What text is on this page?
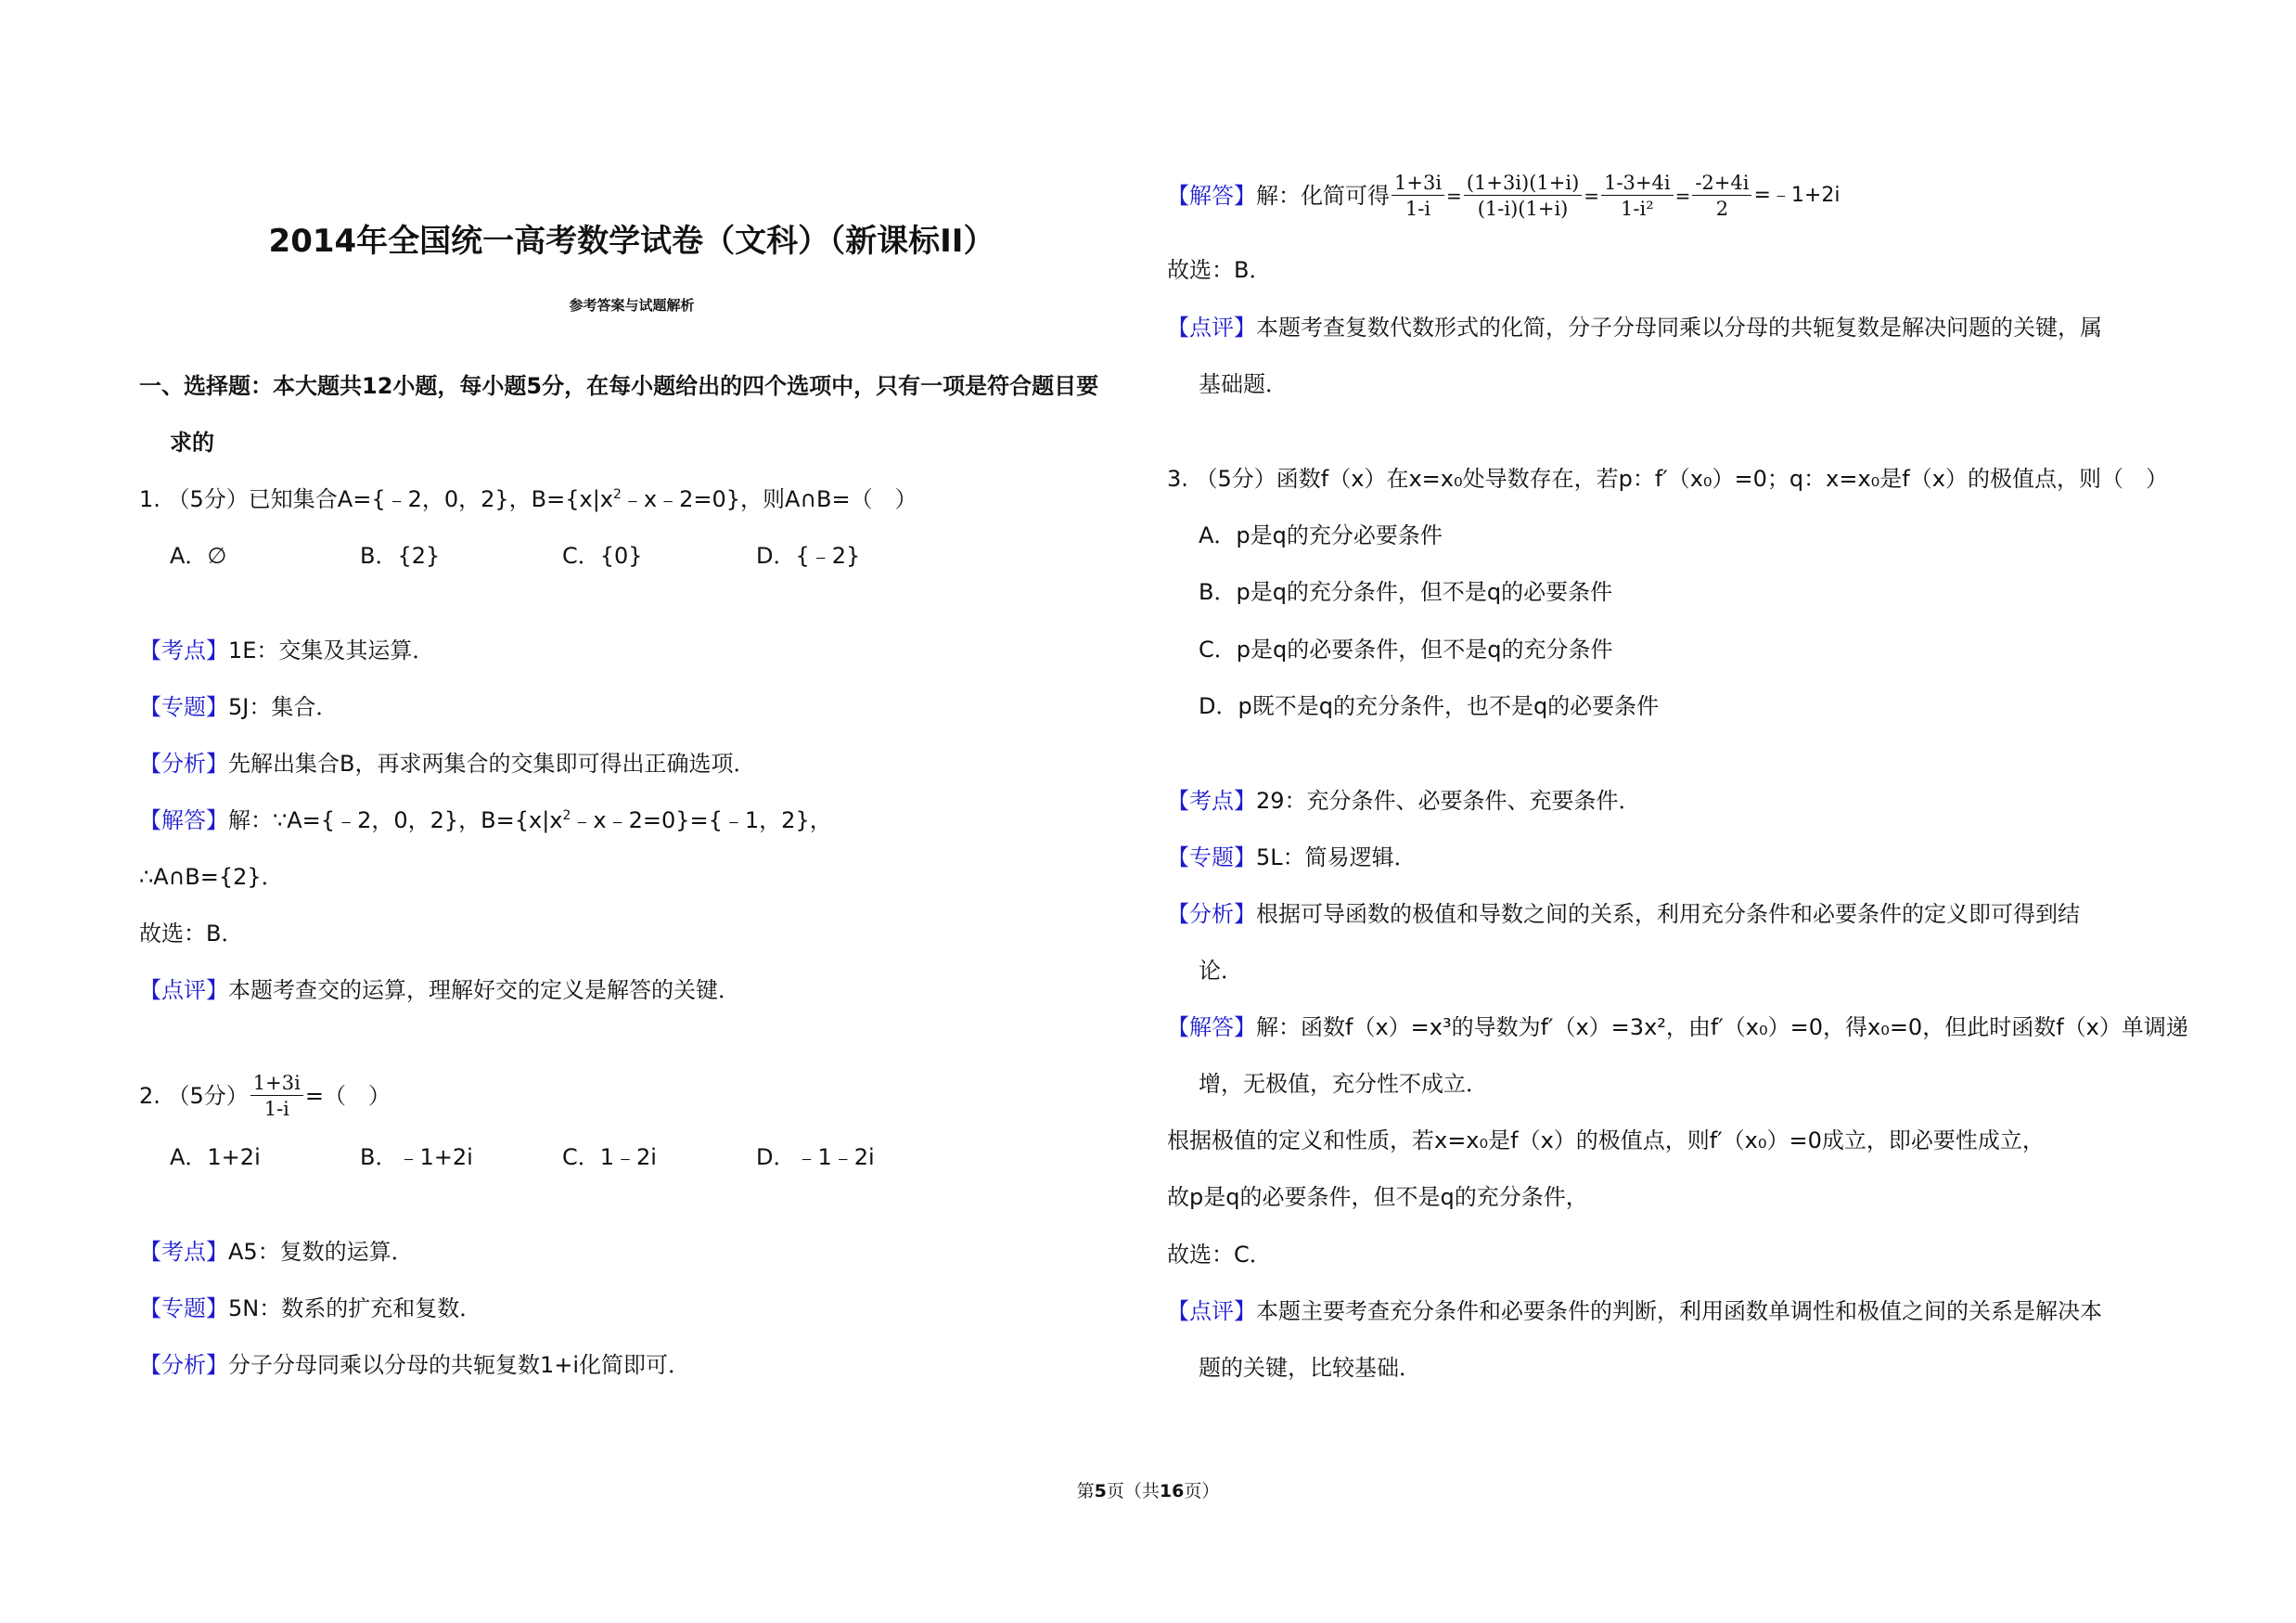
2014年全国统一高考数学试卷（文科）（新课标II）
参考答案与试题解析
一、选择题：本大题共12小题，每小题5分，在每小题给出的四个选项中，只有一项是符合题目要
求的
1. （5分）已知集合A={﹣2，0，2}，$B=\{x|x^2﹣x﹣2=0\}$，则A∩B=（　）
A．∅	B．{2}	C．{0}	D．{﹣2}
【考点】1E：交集及其运算．
【专题】5J：集合．
【分析】先解出集合B，再求两集合的交集即可得出正确选项．
【解答】解：∵A={﹣2，0，2}，$B=\{x|x^2﹣x﹣2=0\}=\{﹣1$，2}，
∴A∩B={2}．
故选：B．
【点评】本题考查交的运算，理解好交的定义是解答的关键．
2. （5分） $\frac{1+3i}{1-i}$ =（　）
A．1+2i	B．﹣1+2i	C．1﹣2i	D．﹣1﹣2i
【考点】A5：复数的运算．
【专题】5N：数系的扩充和复数．
【分析】分子分母同乘以分母的共轭复数1+i化简即可．
【解答】解：化简可得 $\frac{1+3i}{1-i} = \frac{(1+3i)(1+i)}{(1-i)(1+i)} = \frac{1-3+4i}{\text{1-i²}} = \frac{-2+4i}{2}$ =﹣1+2i
故选：B．
【点评】本题考查复数代数形式的化简，分子分母同乘以分母的共轭复数是解决问题的关键，属
基础题．
3. （5分）函数f（x）在x=x₀处导数存在，若p：f′（x₀）=0；q：x=x₀是f（x）的极值点，则（　）
A．p是q的充分必要条件
B．p是q的充分条件，但不是q的必要条件
C．p是q的必要条件，但不是q的充分条件
D．p既不是q的充分条件，也不是q的必要条件
【考点】29：充分条件、必要条件、充要条件．
【专题】5L：简易逻辑．
【分析】根据可导函数的极值和导数之间的关系，利用充分条件和必要条件的定义即可得到结
论．
【解答】解：函数f（x）=x³的导数为f′（x）=3x²，由f′（x₀）=0，得x₀=0，但此时函数f（x）单调递
增，无极值，充分性不成立．
根据极值的定义和性质，若x=x₀是f（x）的极值点，则f′（x₀）=0成立，即必要性成立，
故p是q的必要条件，但不是q的充分条件，
故选：C．
【点评】本题主要考查充分条件和必要条件的判断，利用函数单调性和极值之间的关系是解决本
题的关键，比较基础．
第5页（共16页）
